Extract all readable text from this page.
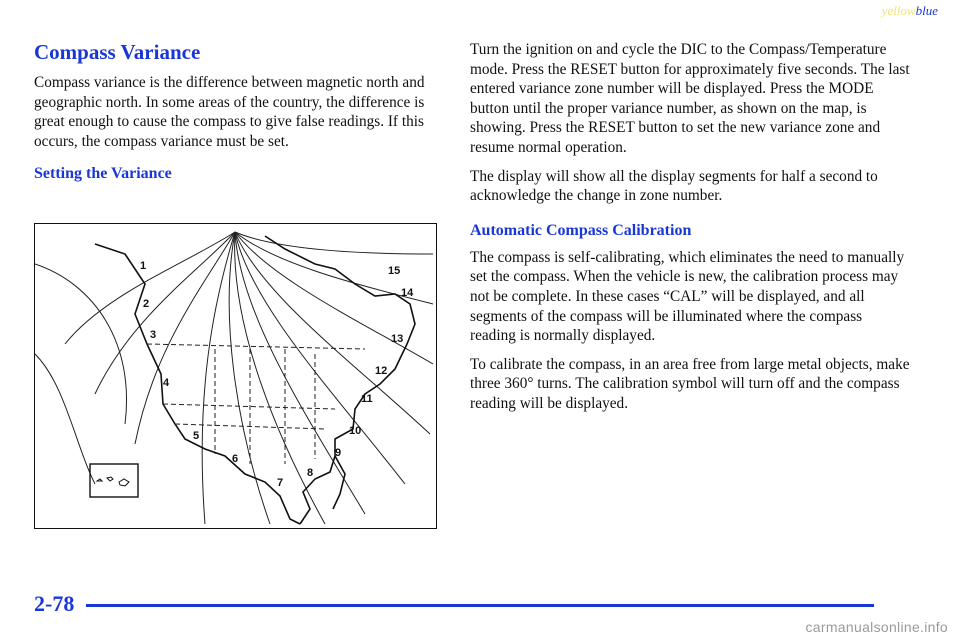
yellowblue
Compass Variance

Compass variance is the difference between magnetic north and geographic north. In some areas of the country, the difference is great enough to cause the compass to give false readings. If this occurs, the compass variance must be set.

Setting the Variance
1
2
3
4
5
6
7
8
9
10
11
12
13
14
15

Turn the ignition on and cycle the DIC to the Compass/Temperature mode. Press the RESET button for approximately five seconds. The last entered variance zone number will be displayed. Press the MODE button until the proper variance number, as shown on the map, is showing. Press the RESET button to set the new variance zone and resume normal operation.

The display will show all the display segments for half a second to acknowledge the change in zone number.

Automatic Compass Calibration

The compass is self-calibrating, which eliminates the need to manually set the compass. When the vehicle is new, the calibration process may not be complete. In these cases “CAL” will be displayed, and all segments of the compass will be illuminated where the compass reading is normally displayed.

To calibrate the compass, in an area free from large metal objects, make three 360° turns. The calibration symbol will turn off and the compass reading will be displayed.

2-78
carmanualsonline.info
